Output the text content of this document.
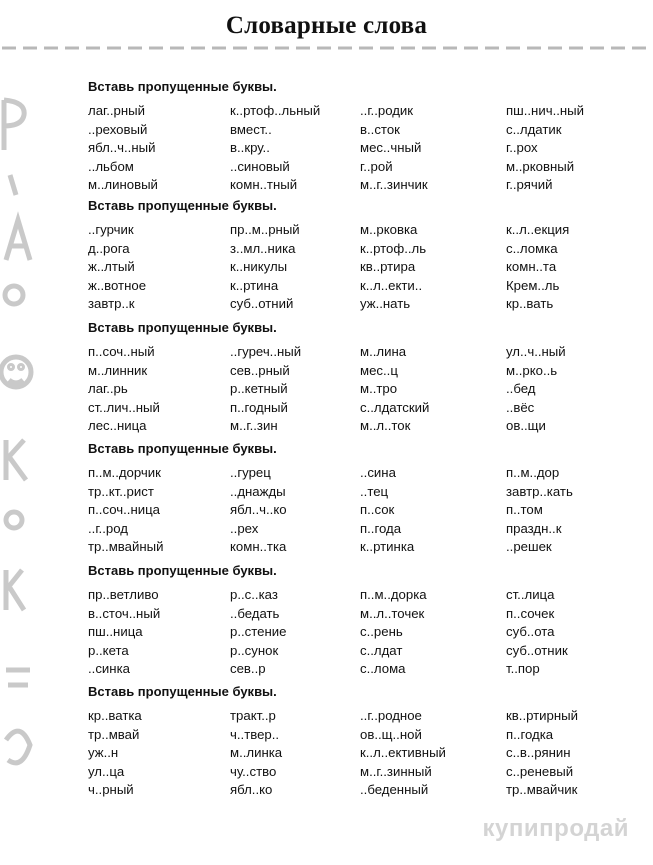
Словарные слова
Вставь пропущенные буквы.
лаг..рный	к..ртоф..льный	..г..родик	пш..нич..ный
..реховый	вмест..	в..сток	с..лдатик
ябл..ч..ный	в..кру..	мес..чный	г..рох
..льбом	..синовый	г..рой	м..рковный
м..линовый	комн..тный	м..г..зинчик	г..рячий
Вставь пропущенные буквы.
..гурчик	пр..м..рный	м..рковка	к..л..екция
д..рога	з..мл..ника	к..ртоф..ль	с..ломка
ж..лтый	к..никулы	кв..ртира	комн..та
ж..вотное	к..ртина	к..л..екти..	Крем..ль
завтр..к	суб..отний	уж..нать	кр..вать
Вставь пропущенные буквы.
п..соч..ный	..гуреч..ный	м..лина	ул..ч..ный
м..линник	сев..рный	мес..ц	м..рко..ь
лаг..рь	р..кетный	м..тро	..бед
ст..лич..ный	п..годный	с..лдатский	..вёс
лес..ница	м..г..зин	м..л..ток	ов..щи
Вставь пропущенные буквы.
п..м..дорчик	..гурец	..сина	п..м..дор
тр..кт..рист	..днажды	..тец	завтр..кать
п..соч..ница	ябл..ч..ко	п..сок	п..том
..г..род	..рех	п..года	праздн..к
тр..мвайный	комн..тка	к..ртинка	..решек
Вставь пропущенные буквы.
пр..ветливо	р..с..каз	п..м..дорка	ст..лица
в..сточ..ный	..бедать	м..л..точек	п..сочек
пш..ница	р..стение	с..рень	суб..ота
р..кета	р..сунок	с..лдат	суб..отник
..синка	сев..р	с..лома	т..пор
Вставь пропущенные буквы.
кр..ватка	тракт..р	..г..родное	кв..ртирный
тр..мвай	ч..твер..	ов..щ..ной	п..годка
уж..н	м..линка	к..л..ективный	с..в..рянин
ул..ца	чу..ство	м..г..зинный	с..реневый
ч..рный	ябл..ко	..беденный	тр..мвайчик
купипродай
